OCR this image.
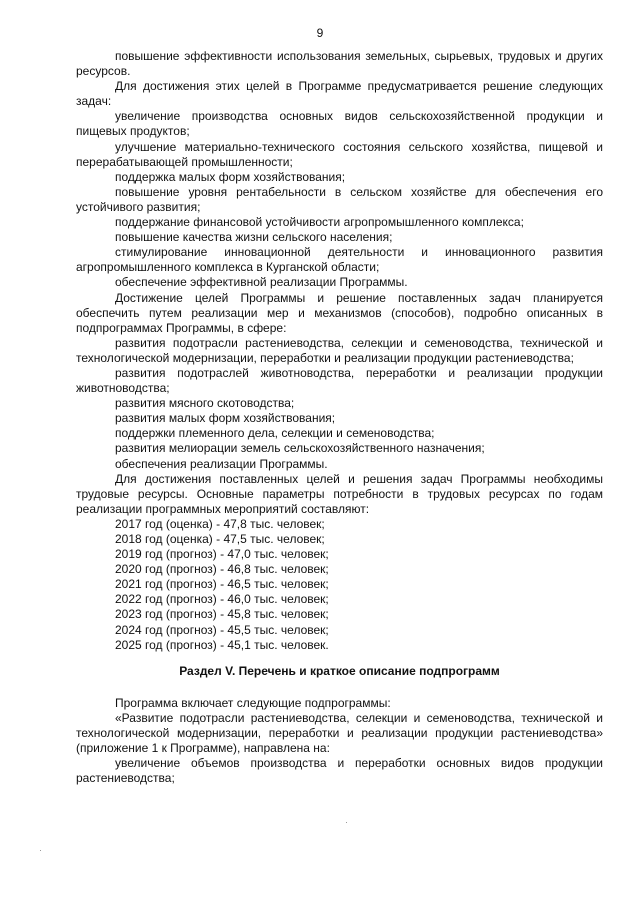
9

повышение эффективности использования земельных, сырьевых, трудовых и других ресурсов.

Для достижения этих целей в Программе предусматривается решение следующих задач:

увеличение производства основных видов сельскохозяйственной продукции и пищевых продуктов;

улучшение материально-технического состояния сельского хозяйства, пищевой и перерабатывающей промышленности;

поддержка малых форм хозяйствования;

повышение уровня рентабельности в сельском хозяйстве для обеспечения его устойчивого развития;

поддержание финансовой устойчивости агропромышленного комплекса;

повышение качества жизни сельского населения;

стимулирование инновационной деятельности и инновационного развития агропромышленного комплекса в Курганской области;

обеспечение эффективной реализации Программы.

Достижение целей Программы и решение поставленных задач планируется обеспечить путем реализации мер и механизмов (способов), подробно описанных в подпрограммах Программы, в сфере:

развития подотрасли растениеводства, селекции и семеноводства, технической и технологической модернизации, переработки и реализации продукции растениеводства;

развития подотраслей животноводства, переработки и реализации продукции животноводства;

развития мясного скотоводства;

развития малых форм хозяйствования;

поддержки племенного дела, селекции и семеноводства;

развития мелиорации земель сельскохозяйственного назначения;

обеспечения реализации Программы.

Для достижения поставленных целей и решения задач Программы необходимы трудовые ресурсы. Основные параметры потребности в трудовых ресурсах по годам реализации программных мероприятий составляют:

2017 год (оценка) - 47,8 тыс. человек;

2018 год (оценка) - 47,5 тыс. человек;

2019 год (прогноз) - 47,0 тыс. человек;

2020 год (прогноз) - 46,8 тыс. человек;

2021 год (прогноз) - 46,5 тыс. человек;

2022 год (прогноз) - 46,0 тыс. человек;

2023 год (прогноз) - 45,8 тыс. человек;

2024 год (прогноз) - 45,5 тыс. человек;

2025 год (прогноз) - 45,1 тыс. человек.

Раздел V. Перечень и краткое описание подпрограмм

Программа включает следующие подпрограммы:

«Развитие подотрасли растениеводства, селекции и семеноводства, технической и технологической модернизации, переработки и реализации продукции растениеводства» (приложение 1 к Программе), направлена на:

увеличение объемов производства и переработки основных видов продукции растениеводства;
